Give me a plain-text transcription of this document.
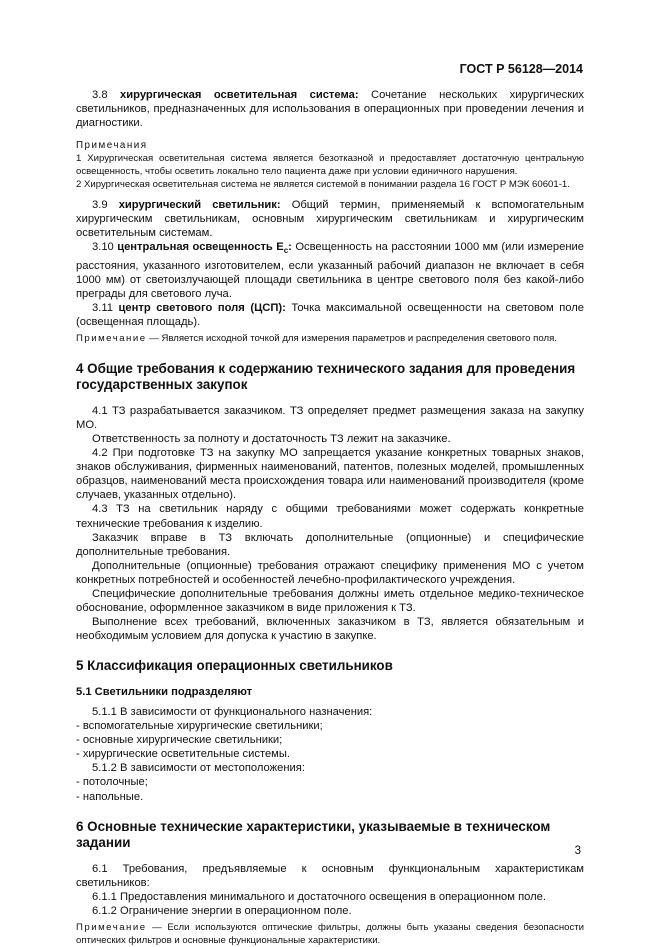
ГОСТ Р 56128—2014

3.8 хирургическая осветительная система: Сочетание нескольких хирургических светильников, предназначенных для использования в операционных при проведении лечения и диагностики.

Примечания

1 Хирургическая осветительная система является безотказной и предоставляет достаточную центральную освещенность, чтобы осветить локально тело пациента даже при условии единичного нарушения.

2 Хирургическая осветительная система не является системой в понимании раздела 16 ГОСТ Р МЭК 60601-1.

3.9 хирургический светильник: Общий термин, применяемый к вспомогательным хирургическим светильникам, основным хирургическим светильникам и хирургическим осветительным системам.

3.10 центральная освещенность $E_c$: Освещенность на расстоянии 1000 мм (или измерение расстояния, указанного изготовителем, если указанный рабочий диапазон не включает в себя 1000 мм) от светоизлучающей площади светильника в центре светового поля без какой-либо преграды для светового луча.

3.11 центр светового поля (ЦСП): Точка максимальной освещенности на световом поле (освещенная площадь).

Примечание — Является исходной точкой для измерения параметров и распределения светового поля.

4 Общие требования к содержанию технического задания для проведения государственных закупок

4.1 ТЗ разрабатывается заказчиком. ТЗ определяет предмет размещения заказа на закупку МО.

Ответственность за полноту и достаточность ТЗ лежит на заказчике.

4.2 При подготовке ТЗ на закупку МО запрещается указание конкретных товарных знаков, знаков обслуживания, фирменных наименований, патентов, полезных моделей, промышленных образцов, наименований места происхождения товара или наименований производителя (кроме случаев, указанных отдельно).

4.3 ТЗ на светильник наряду с общими требованиями может содержать конкретные технические требования к изделию.

Заказчик вправе в ТЗ включать дополнительные (опционные) и специфические дополнительные требования.

Дополнительные (опционные) требования отражают специфику применения МО с учетом конкретных потребностей и особенностей лечебно-профилактического учреждения.

Специфические дополнительные требования должны иметь отдельное медико-техническое обоснование, оформленное заказчиком в виде приложения к ТЗ.

Выполнение всех требований, включенных заказчиком в ТЗ, является обязательным и необходимым условием для допуска к участию в закупке.

5 Классификация операционных светильников
5.1 Светильники подразделяют

5.1.1 В зависимости от функционального назначения:

- вспомогательные хирургические светильники;

- основные хирургические светильники;

- хирургические осветительные системы.

5.1.2 В зависимости от местоположения:

- потолочные;

- напольные.

6 Основные технические характеристики, указываемые в техническом задании

6.1 Требования, предъявляемые к основным функциональным характеристикам светильников:

6.1.1 Предоставления минимального и достаточного освещения в операционном поле.

6.1.2 Ограничение энергии в операционном поле.

Примечание — Если используются оптические фильтры, должны быть указаны сведения безопасности оптических фильтров и основные функциональные характеристики.

3
